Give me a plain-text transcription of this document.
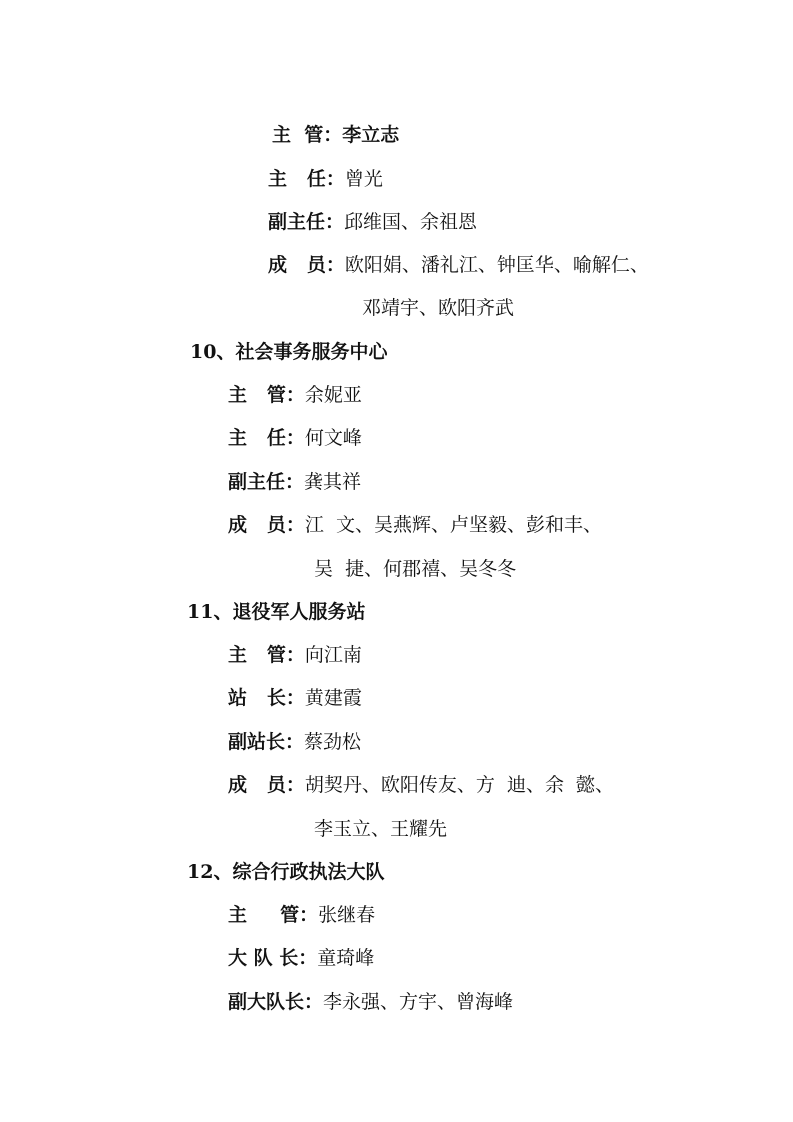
主  管：李立志
主   任：曾光
副主任：邱维国、余祖恩
成   员：欧阳娟、潘礼江、钟匡华、喻解仁、
邓靖宇、欧阳齐武
10、社会事务服务中心
主   管：余妮亚
主   任：何文峰
副主任：龚其祥
成   员：江  文、吴燕辉、卢坚毅、彭和丰、
吴  捷、何郡禧、吴冬冬
11、退役军人服务站
主   管：向江南
站   长：黄建霞
副站长：蔡劲松
成   员：胡契丹、欧阳传友、方  迪、余  懿、
李玉立、王耀先
12、综合行政执法大队
主     管：张继春
大 队 长：童琦峰
副大队长：李永强、方宇、曾海峰
